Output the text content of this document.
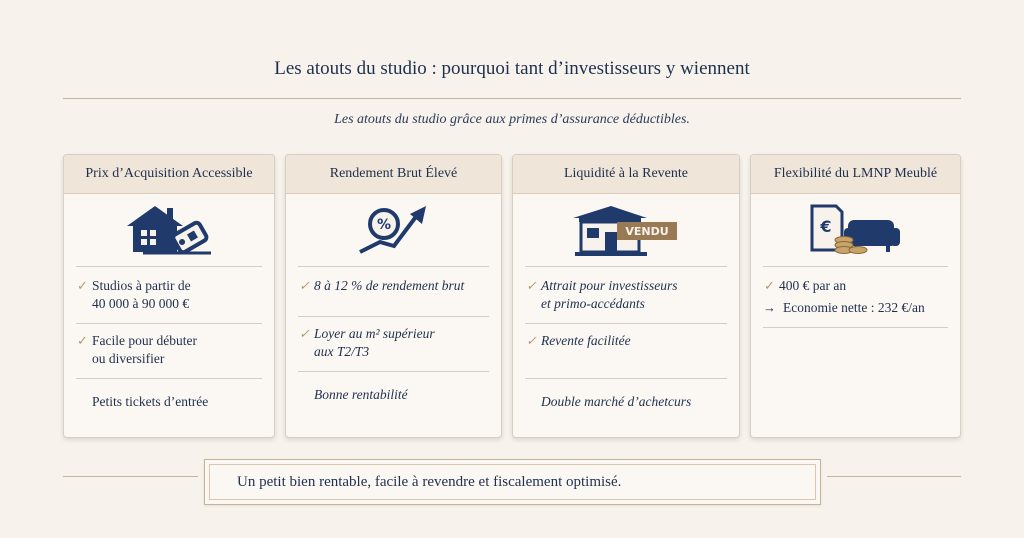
Les atouts du studio : pourquoi tant d’investisseurs y wiennent
Les atouts du studio grâce aux primes d’assurance déductibles.
Prix d’Acquisition Accessible
✓ Studios à partir de
40 000 à 90 000 €
✓ Facile pour débuter
ou diversifier
Petits tickets d’entrée
Rendement Brut Élevé
%
✓ 8 à 12 % de rendement brut
✓ Loyer au m² supérieur
aux T2/T3
Bonne rentabilité
Liquidité à la Revente
VENDU
✓ Attrait pour investisseurs
et primo-accédants
✓ Revente facilitée
Double marché d’achetcurs
Flexibilité du LMNP Meublé
€
✓ 400 € par an
→ Economie nette : 232 €/an
Un petit bien rentable, facile à revendre et fiscalement optimisé.
